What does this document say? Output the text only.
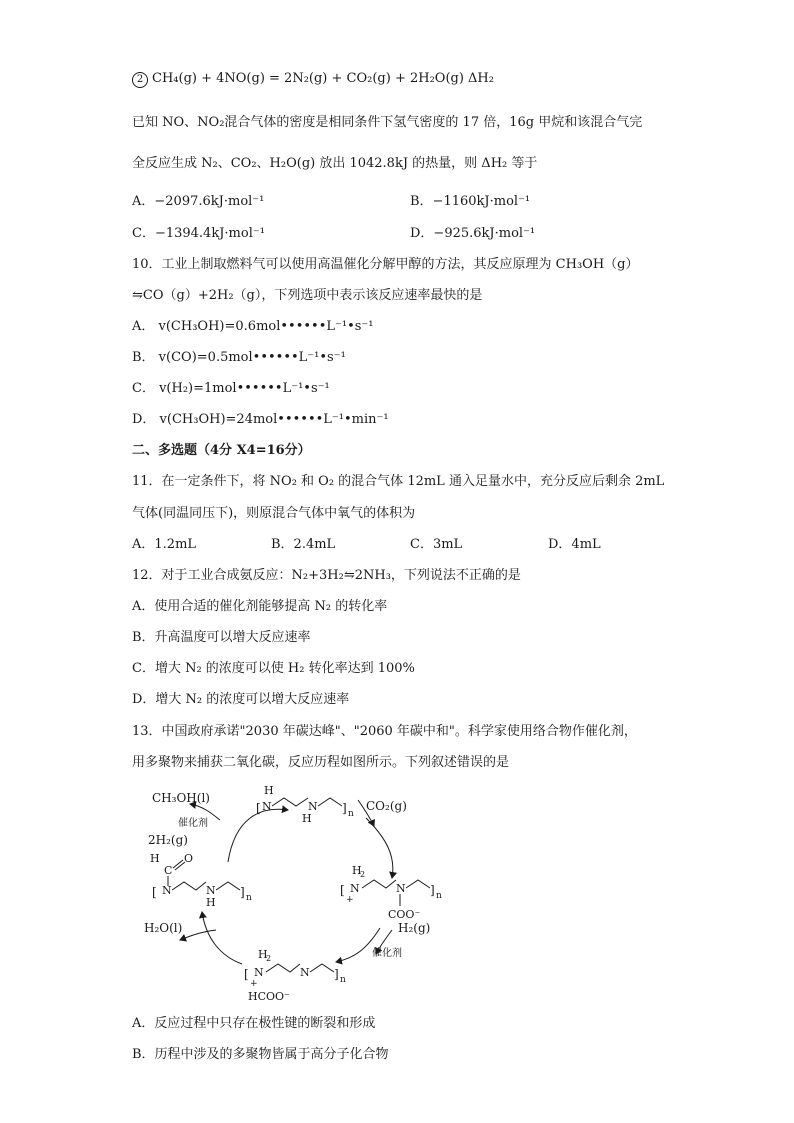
2 CH₄(g) + 4NO(g) = 2N₂(g) + CO₂(g) + 2H₂O(g) ΔH₂
已知 NO、NO₂混合气体的密度是相同条件下氢气密度的 17 倍，16g 甲烷和该混合气完
全反应生成 N₂、CO₂、H₂O(g) 放出 1042.8kJ 的热量，则 ΔH₂ 等于
A．−2097.6kJ·mol⁻¹	B．−1160kJ·mol⁻¹
C．−1394.4kJ·mol⁻¹	D．−925.6kJ·mol⁻¹
10．工业上制取燃料气可以使用高温催化分解甲醇的方法，其反应原理为 CH₃OH（g）
⇋CO（g）+2H₂（g），下列选项中表示该反应速率最快的是
A． v(CH₃OH)=0.6mol••••••L⁻¹•s⁻¹
B． v(CO)=0.5mol••••••L⁻¹•s⁻¹
C． v(H₂)=1mol••••••L⁻¹•s⁻¹
D． v(CH₃OH)=24mol••••••L⁻¹•min⁻¹
二、多选题（4分 X4=16分）
11．在一定条件下，将 NO₂ 和 O₂ 的混合气体 12mL 通入足量水中，充分反应后剩余 2mL
气体(同温同压下)，则原混合气体中氧气的体积为
A．1.2mL	B．2.4mL	C．3mL	D．4mL
12．对于工业合成氨反应：N₂+3H₂⇋2NH₃，下列说法不正确的是
A．使用合适的催化剂能够提高 N₂ 的转化率
B．升高温度可以增大反应速率
C．增大 N₂ 的浓度可以使 H₂ 转化率达到 100%
D．增大 N₂ 的浓度可以增大反应速率
13．中国政府承诺"2030 年碳达峰"、"2060 年碳中和"。科学家使用络合物作催化剂，
用多聚物来捕获二氧化碳，反应历程如图所示。下列叙述错误的是
CH₃OH(l)
催化剂
2H₂(g)
CO₂(g)
H₂O(l)	H₂(g)
催化剂
[
H
N	N
H
] n
H
C
O
[ N	N
H
] n
H
2
[ N
+
N
COO⁻
] n
H
2
[ N
+
N ] n
HCOO⁻
A．反应过程中只存在极性键的断裂和形成
B．历程中涉及的多聚物皆属于高分子化合物
